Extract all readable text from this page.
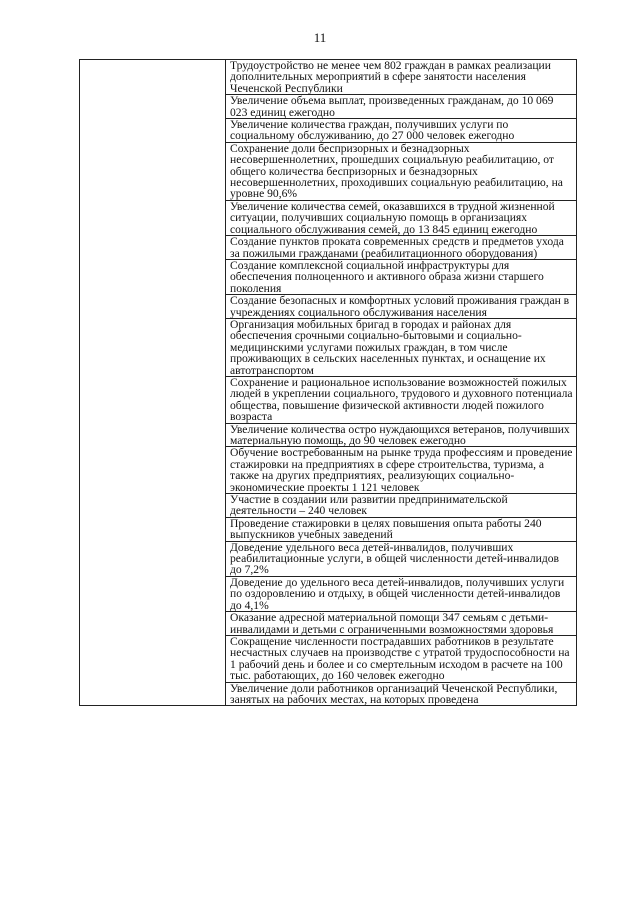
11

Трудоустройство не менее чем 802 граждан в рамках реализации дополнительных мероприятий в сфере занятости населения Чеченской Республики

Увеличение объема выплат, произведенных гражданам, до 10 069 023 единиц ежегодно

Увеличение количества граждан, получивших услуги по социальному обслуживанию, до 27 000 человек ежегодно

Сохранение доли беспризорных и безнадзорных несовершеннолетних, прошедших социальную реабилитацию, от общего количества беспризорных и безнадзорных несовершеннолетних, проходивших социальную реабилитацию, на уровне 90,6%

Увеличение количества семей, оказавшихся в трудной жизненной ситуации, получивших социальную помощь в организациях социального обслуживания семей, до 13 845 единиц ежегодно

Создание пунктов проката современных средств и предметов ухода за пожилыми гражданами (реабилитационного оборудования)

Создание комплексной социальной инфраструктуры для обеспечения полноценного и активного образа жизни старшего поколения

Создание безопасных и комфортных условий проживания граждан в учреждениях социального обслуживания населения

Организация мобильных бригад в городах и районах для обеспечения срочными социально-бытовыми и социально-медицинскими услугами пожилых граждан, в том числе проживающих в сельских населенных пунктах, и оснащение их автотранспортом

Сохранение и рациональное использование возможностей пожилых людей в укреплении социального, трудового и духовного потенциала общества, повышение физической активности людей пожилого возраста

Увеличение количества остро нуждающихся ветеранов, получивших материальную помощь, до 90 человек ежегодно

Обучение востребованным на рынке труда профессиям и проведение стажировки на предприятиях в сфере строительства, туризма, а также на других предприятиях, реализующих социально-экономические проекты 1 121 человек

Участие в создании или развитии предпринимательской деятельности – 240 человек

Проведение стажировки в целях повышения опыта работы 240 выпускников учебных заведений

Доведение удельного веса детей-инвалидов, получивших реабилитационные услуги, в общей численности детей-инвалидов до 7,2%

Доведение до удельного веса детей-инвалидов, получивших услуги по оздоровлению и отдыху, в общей численности детей-инвалидов до 4,1%

Оказание адресной материальной помощи 347 семьям с детьми-инвалидами и детьми с ограниченными возможностями здоровья

Сокращение численности пострадавших работников в результате несчастных случаев на производстве с утратой трудоспособности на 1 рабочий день и более и со смертельным исходом в расчете на 100 тыс. работающих, до 160 человек ежегодно

Увеличение доли работников организаций Чеченской Республики, занятых на рабочих местах, на которых проведена
